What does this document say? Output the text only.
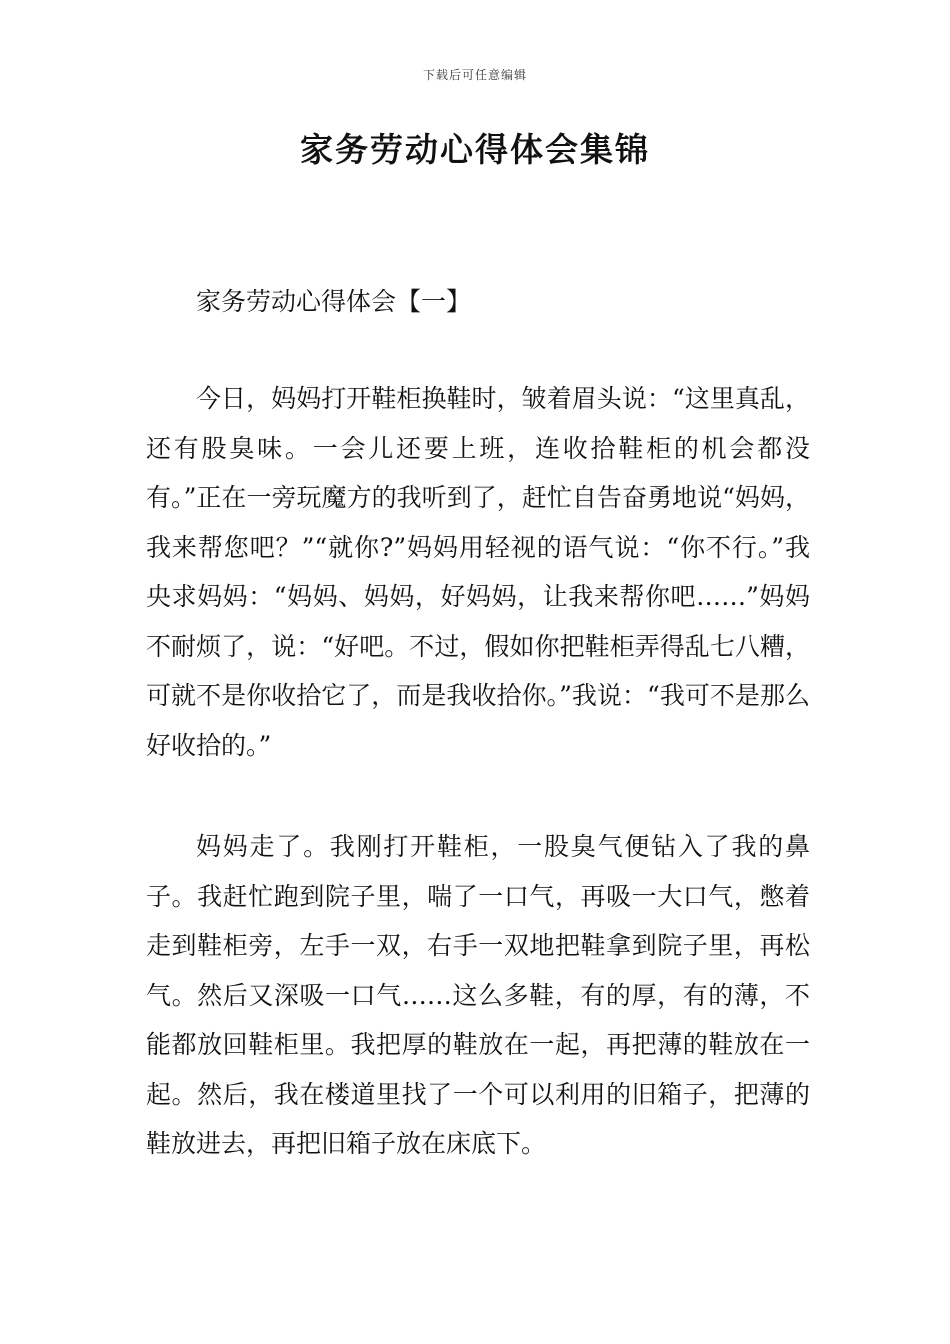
下载后可任意编辑
家务劳动心得体会集锦
家务劳动心得体会【一】

今日，妈妈打开鞋柜换鞋时，皱着眉头说：“这里真乱，还有股臭味。一会儿还要上班，连收拾鞋柜的机会都没有。”正在一旁玩魔方的我听到了，赶忙自告奋勇地说“妈妈，我来帮您吧？”“就你?”妈妈用轻视的语气说：“你不行。”我央求妈妈：“妈妈、妈妈，好妈妈，让我来帮你吧……”妈妈不耐烦了，说：“好吧。不过，假如你把鞋柜弄得乱七八糟，可就不是你收拾它了，而是我收拾你。”我说：“我可不是那么好收拾的。”

妈妈走了。我刚打开鞋柜，一股臭气便钻入了我的鼻子。我赶忙跑到院子里，喘了一口气，再吸一大口气，憋着走到鞋柜旁，左手一双，右手一双地把鞋拿到院子里，再松气。然后又深吸一口气……这么多鞋，有的厚，有的薄，不能都放回鞋柜里。我把厚的鞋放在一起，再把薄的鞋放在一起。然后，我在楼道里找了一个可以利用的旧箱子，把薄的鞋放进去，再把旧箱子放在床底下。
